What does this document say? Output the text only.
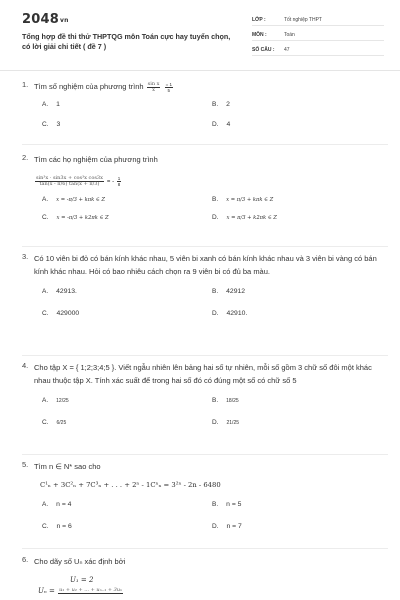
2048vn
Tổng hợp đề thi thử THPTQG môn Toán cực hay tuyển chọn, có lời giải chi tiết ( đề 7 )
LỚP :	Tốt nghiệp THPT
MÔN :	Toán
SỐ CÂU :	47
1. Tìm số nghiệm của phương trình $\frac{\text{sin x}}{x}$
$\frac{= 1}{5}$
A. 1	B. 2
C. 3	D. 4
2. Tìm các họ nghiệm của phương trình
$\frac{\text{sin³x · sin3x + cos³x cos3x}}{\tan(x - \pi/6) \tan(x + \pi/3)}$ = - $\frac{1}{8}$
A. x = -π/3 + kπk ∈ Z	B. x = π/3 + kπk ∈ Z
C. x = -π/3 + k2πk ∈ Z	D. x = π/3 + k2πk ∈ Z
3. Có 10 viên bi đỏ có bán kính khác nhau, 5 viên bi xanh có bán kính khác nhau và 3 viên bi vàng có bán kính khác nhau. Hỏi có bao nhiêu cách chọn ra 9 viên bi có đủ ba màu.
A. 42913.	B. 42912
C. 429000	D. 42910.
4. Cho tập X = { 1;2;3;4;5 }. Viết ngẫu nhiên lên bảng hai số tự nhiên, mỗi số gồm 3 chữ số đôi một khác nhau thuộc tập X. Tính xác suất để trong hai số đó có đúng một số có chữ số 5
A. 12/25	B. 18/25
C. 6/25	D. 21/25
5. Tìm n ∈ N* sao cho
C¹ₙ + 3C²ₙ + 7C³ₙ + . . . + 2ⁿ - 1Cⁿₙ = 3²ⁿ - 2n - 6480
A. n = 4	B. n = 5
C. n = 6	D. n = 7
6. Cho dãy số Uₙ xác định bởi
U₁ = 2
Uₙ = u₁ + u₂ + ... + uₙ₋₁ + 3uₙ
